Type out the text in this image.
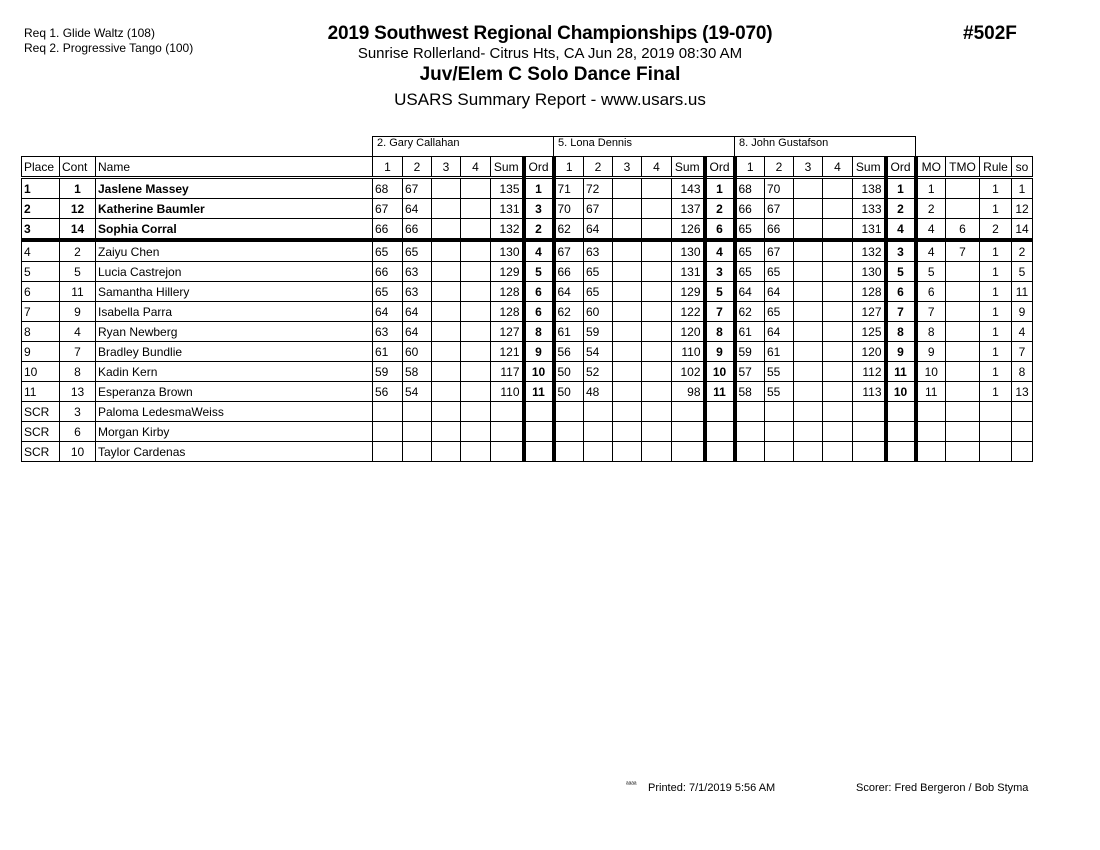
Req 1. Glide Waltz (108)
Req 2. Progressive Tango (100)
2019 Southwest Regional Championships (19-070)
Sunrise Rollerland- Citrus Hts, CA Jun 28, 2019 08:30 AM
Juv/Elem C Solo Dance Final
USARS Summary Report - www.usars.us
#502F
			2. Gary Callahan						5. Lona Dennis						8. John Gustafson									
Place	Cont	Name	1	2	3	4	Sum	Ord	1	2	3	4	Sum	Ord	1	2	3	4	Sum	Ord	MO	TMO	Rule	so
1	1	Jaslene Massey	68	67			135	1	71	72			143	1	68	70			138	1	1		1	1
2	12	Katherine Baumler	67	64			131	3	70	67			137	2	66	67			133	2	2		1	12
3	14	Sophia Corral	66	66			132	2	62	64			126	6	65	66			131	4	4	6	2	14
4	2	Zaiyu Chen	65	65			130	4	67	63			130	4	65	67			132	3	4	7	1	2
5	5	Lucia Castrejon	66	63			129	5	66	65			131	3	65	65			130	5	5		1	5
6	11	Samantha Hillery	65	63			128	6	64	65			129	5	64	64			128	6	6		1	11
7	9	Isabella Parra	64	64			128	6	62	60			122	7	62	65			127	7	7		1	9
8	4	Ryan Newberg	63	64			127	8	61	59			120	8	61	64			125	8	8		1	4
9	7	Bradley Bundlie	61	60			121	9	56	54			110	9	59	61			120	9	9		1	7
10	8	Kadin Kern	59	58			117	10	50	52			102	10	57	55			112	11	10		1	8
11	13	Esperanza Brown	56	54			110	11	50	48			98	11	58	55			113	10	11		1	13
SCR	3	Paloma LedesmaWeiss																						
SCR	6	Morgan Kirby																						
SCR	10	Taylor Cardenas																						
ᵃᵃᵃᵃ Printed: 7/1/2019 5:56 AM	Scorer: Fred Bergeron / Bob Styma
